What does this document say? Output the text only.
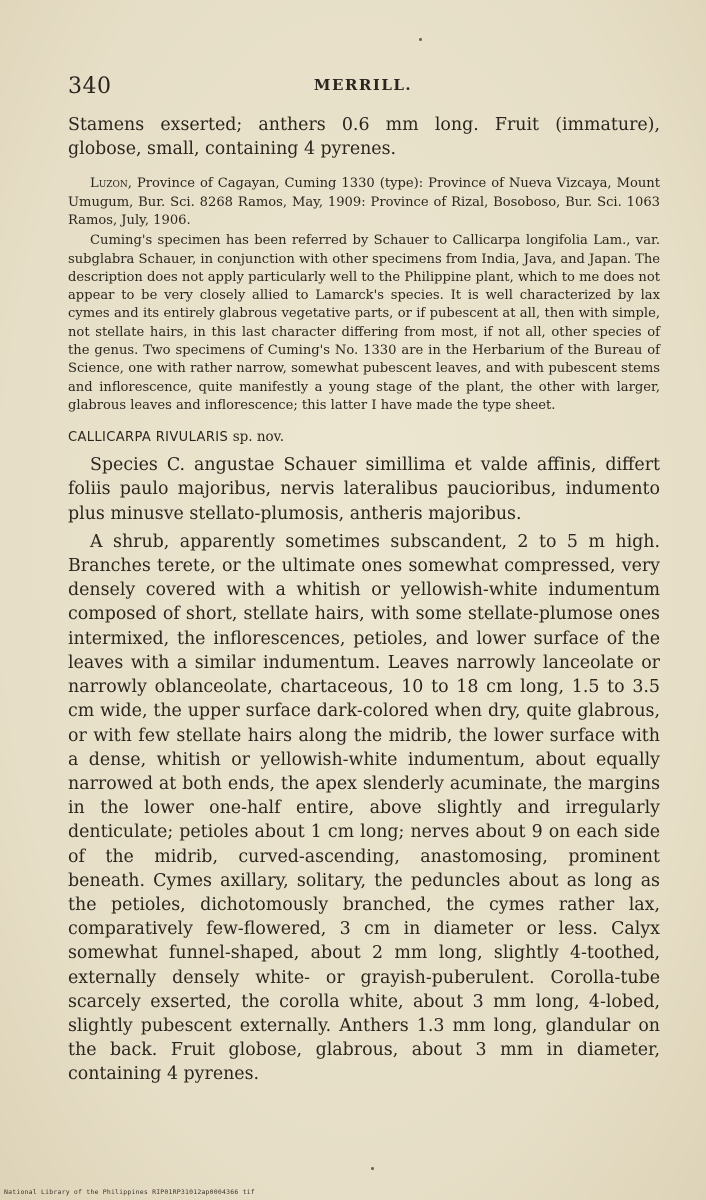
340	MERRILL.

Stamens exserted; anthers 0.6 mm long. Fruit (immature), globose, small, containing 4 pyrenes.

Luzon, Province of Cagayan, Cuming 1330 (type): Province of Nueva Vizcaya, Mount Umugum, Bur. Sci. 8268 Ramos, May, 1909: Province of Rizal, Bosoboso, Bur. Sci. 1063 Ramos, July, 1906.

Cuming's specimen has been referred by Schauer to Callicarpa longifolia Lam., var. subglabra Schauer, in conjunction with other specimens from India, Java, and Japan. The description does not apply particularly well to the Philippine plant, which to me does not appear to be very closely allied to Lamarck's species. It is well characterized by lax cymes and its entirely glabrous vegetative parts, or if pubescent at all, then with simple, not stellate hairs, in this last character differing from most, if not all, other species of the genus. Two specimens of Cuming's No. 1330 are in the Herbarium of the Bureau of Science, one with rather narrow, somewhat pubescent leaves, and with pubescent stems and inflorescence, quite manifestly a young stage of the plant, the other with larger, glabrous leaves and inflorescence; this latter I have made the type sheet.

CALLICARPA RIVULARIS sp. nov.

Species C. angustae Schauer simillima et valde affinis, differt foliis paulo majoribus, nervis lateralibus paucioribus, indumento plus minusve stellato-plumosis, antheris majoribus.

A shrub, apparently sometimes subscandent, 2 to 5 m high. Branches terete, or the ultimate ones somewhat compressed, very densely covered with a whitish or yellowish-white indumentum composed of short, stellate hairs, with some stellate-plumose ones intermixed, the inflorescences, petioles, and lower surface of the leaves with a similar indumentum. Leaves narrowly lanceolate or narrowly oblanceolate, chartaceous, 10 to 18 cm long, 1.5 to 3.5 cm wide, the upper surface dark-colored when dry, quite glabrous, or with few stellate hairs along the midrib, the lower surface with a dense, whitish or yellowish-white indumentum, about equally narrowed at both ends, the apex slenderly acuminate, the margins in the lower one-half entire, above slightly and irregularly denticulate; petioles about 1 cm long; nerves about 9 on each side of the midrib, curved-ascending, anastomosing, prominent beneath. Cymes axillary, solitary, the peduncles about as long as the petioles, dichotomously branched, the cymes rather lax, comparatively few-flowered, 3 cm in diameter or less. Calyx somewhat funnel-shaped, about 2 mm long, slightly 4-toothed, externally densely white- or grayish-puberulent. Corolla-tube scarcely exserted, the corolla white, about 3 mm long, 4-lobed, slightly pubescent externally. Anthers 1.3 mm long, glandular on the back. Fruit globose, glabrous, about 3 mm in diameter, containing 4 pyrenes.

National Library of the Philippines RIP01RP31012ap0004366 tif
